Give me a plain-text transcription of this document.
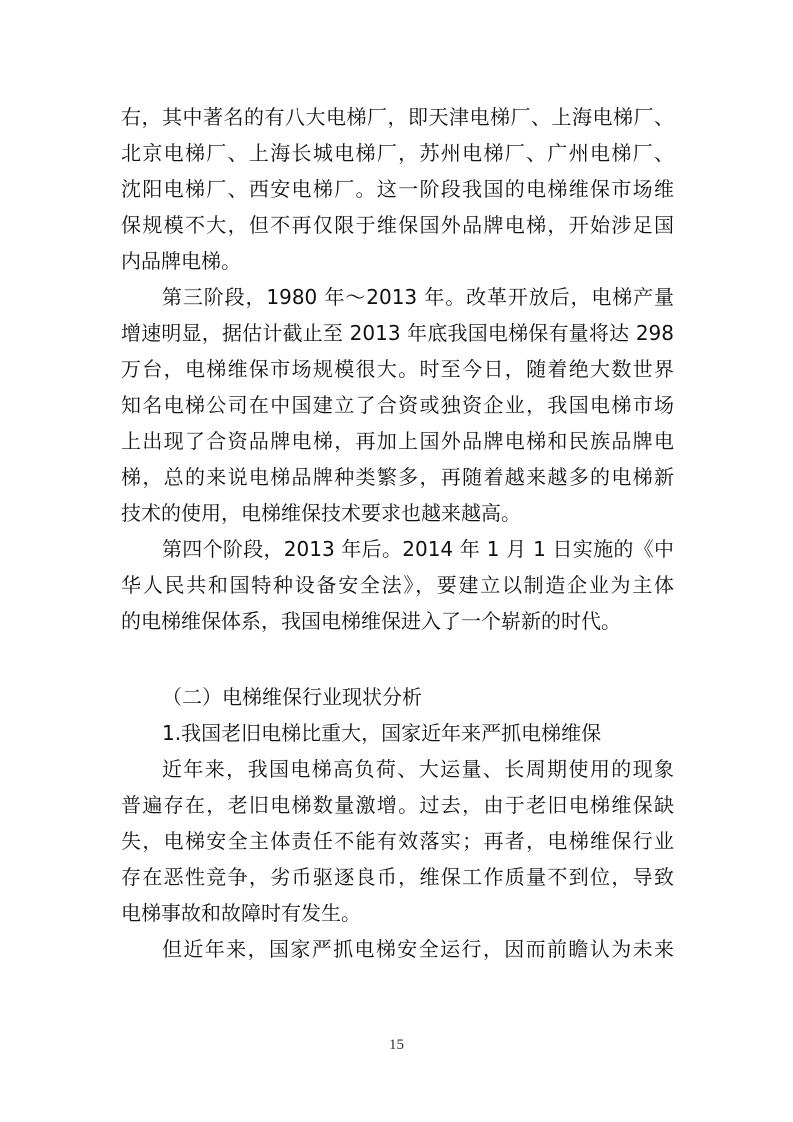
右，其中著名的有八大电梯厂，即天津电梯厂、上海电梯厂、
北京电梯厂、上海长城电梯厂，苏州电梯厂、广州电梯厂、
沈阳电梯厂、西安电梯厂。这一阶段我国的电梯维保市场维
保规模不大，但不再仅限于维保国外品牌电梯，开始涉足国
内品牌电梯。
第三阶段，1980 年～2013 年。改革开放后，电梯产量
增速明显，据估计截止至 2013 年底我国电梯保有量将达 298
万台，电梯维保市场规模很大。时至今日，随着绝大数世界
知名电梯公司在中国建立了合资或独资企业，我国电梯市场
上出现了合资品牌电梯，再加上国外品牌电梯和民族品牌电
梯，总的来说电梯品牌种类繁多，再随着越来越多的电梯新
技术的使用，电梯维保技术要求也越来越高。
第四个阶段，2013 年后。2014 年 1 月 1 日实施的《中
华人民共和国特种设备安全法》，要建立以制造企业为主体
的电梯维保体系，我国电梯维保进入了一个崭新的时代。
（二）电梯维保行业现状分析
1.我国老旧电梯比重大，国家近年来严抓电梯维保
近年来，我国电梯高负荷、大运量、长周期使用的现象
普遍存在，老旧电梯数量激增。过去，由于老旧电梯维保缺
失，电梯安全主体责任不能有效落实；再者，电梯维保行业
存在恶性竞争，劣币驱逐良币，维保工作质量不到位，导致
电梯事故和故障时有发生。
但近年来，国家严抓电梯安全运行，因而前瞻认为未来
15
